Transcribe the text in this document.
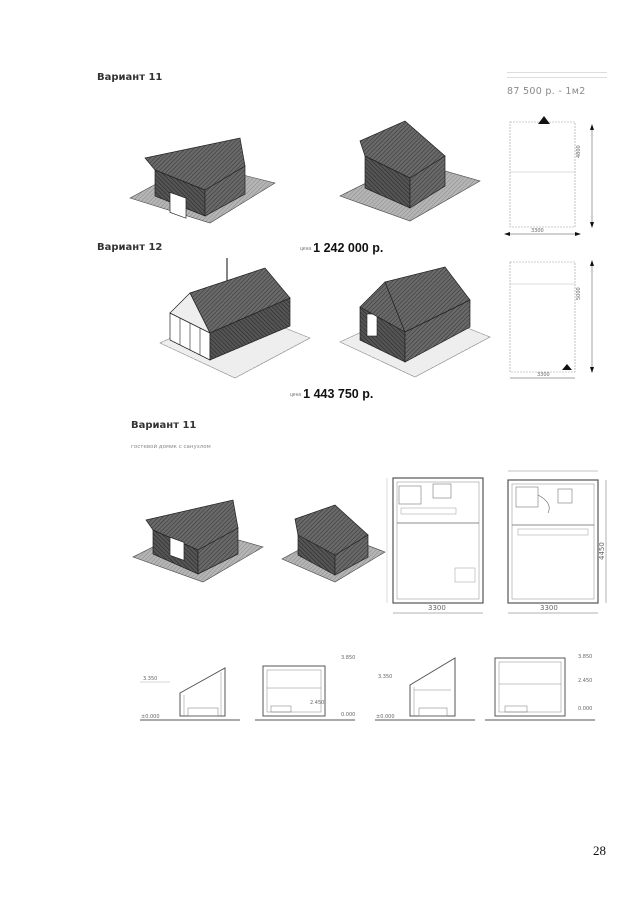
Вариант 11
87 500 р. - 1м2
4800
3300
Вариант 12	цена 1 242 000 р.
5000
3300
цена 1 443 750 р.
Вариант 11
гостевой домик с санузлом
3300
4450
3300
3.350
±0.000
3.850
2.450
0.000
3.350
±0.000
3.850
2.450
0.000
28
